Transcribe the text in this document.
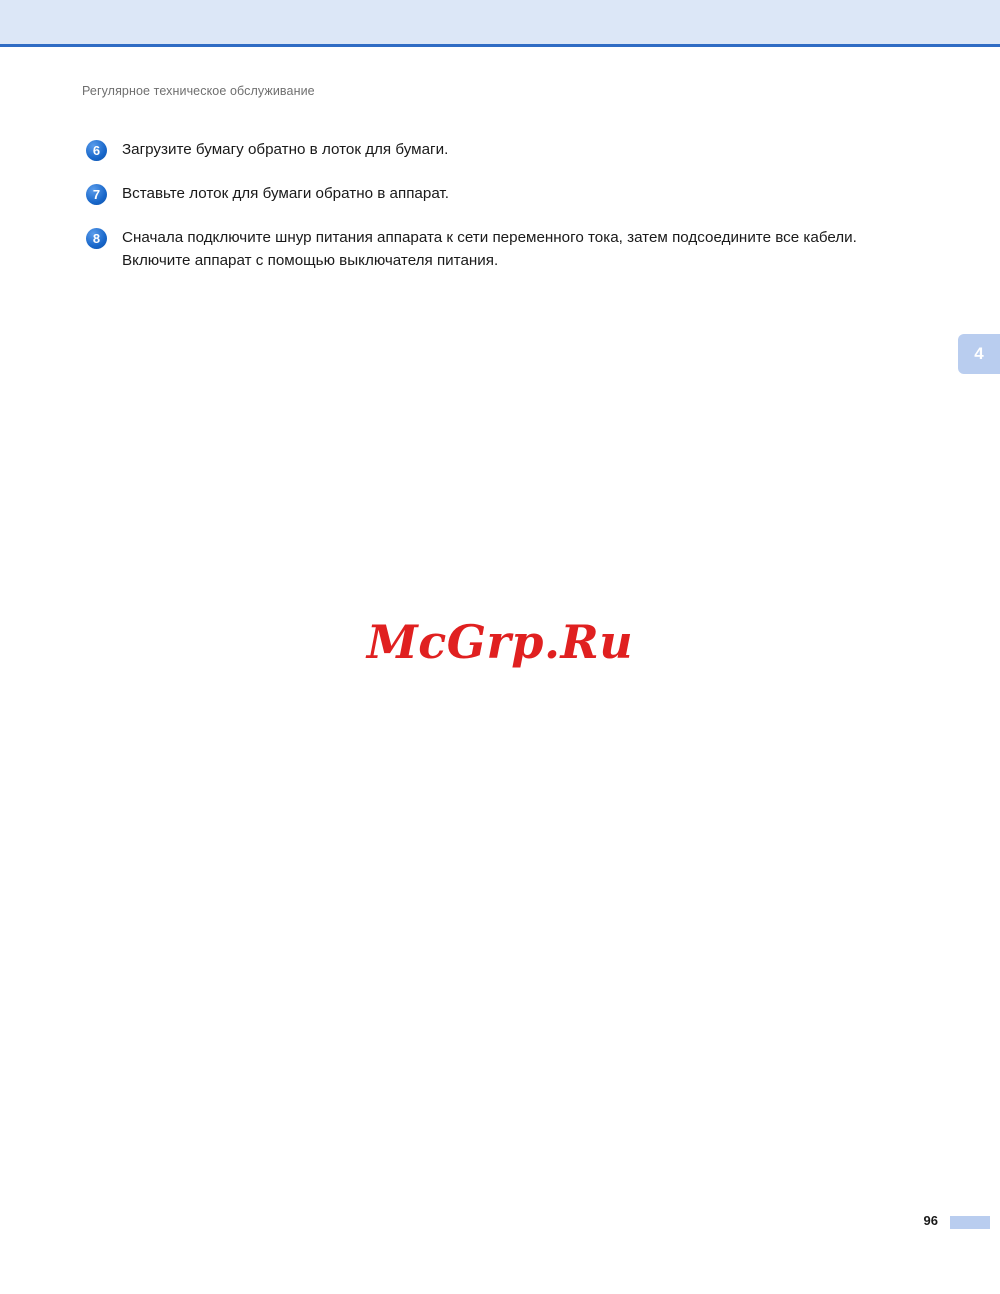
Регулярное техническое обслуживание
6	Загрузите бумагу обратно в лоток для бумаги.
7	Вставьте лоток для бумаги обратно в аппарат.
8	Сначала подключите шнур питания аппарата к сети переменного тока, затем подсоедините все кабели. Включите аппарат с помощью выключателя питания.
4
McGrp.Ru
96
